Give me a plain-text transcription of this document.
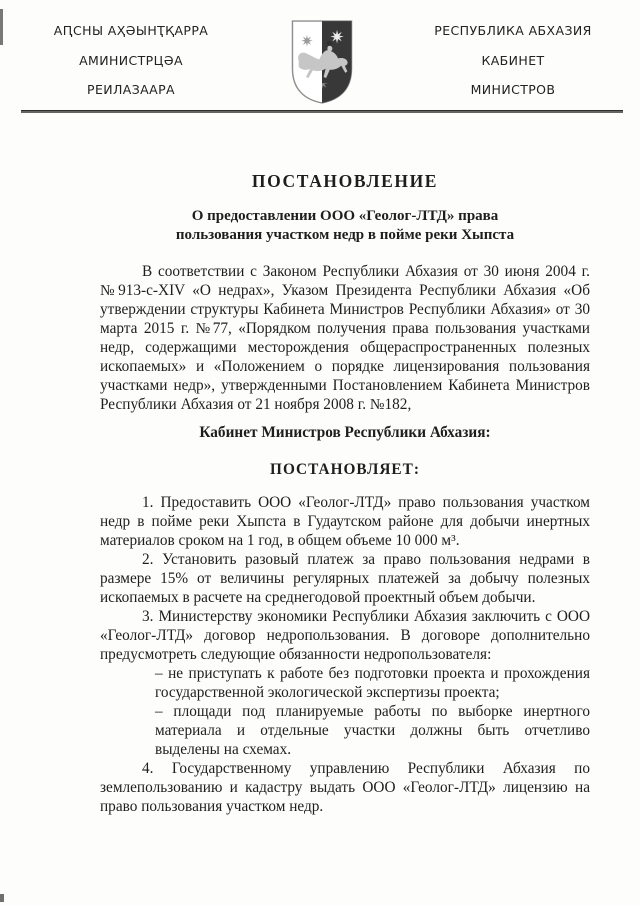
АԤСНЫ АҲӘЫНҬҚАРРА
АМИНИСТРЦӘА
РЕИЛАЗААРА
РЕСПУБЛИКА АБХАЗИЯ
КАБИНЕТ
МИНИСТРОВ
ПОСТАНОВЛЕНИЕ
О предоставлении ООО «Геолог-ЛТД» права
пользования участком недр в пойме реки Хыпста

В соответствии с Законом Республики Абхазия от 30 июня 2004 г. №913-с-XIV «О недрах», Указом Президента Республики Абхазия «Об утверждении структуры Кабинета Министров Республики Абхазия» от 30 марта 2015 г. №77, «Порядком получения права пользования участками недр, содержащими месторождения общераспространенных полезных ископаемых» и «Положением о порядке лицензирования пользования участками недр», утвержденными Постановлением Кабинета Министров Республики Абхазия от 21 ноября 2008 г. №182,

Кабинет Министров Республики Абхазия:

ПОСТАНОВЛЯЕТ:

1. Предоставить ООО «Геолог-ЛТД» право пользования участком недр в пойме реки Хыпста в Гудаутском районе для добычи инертных материалов сроком на 1 год, в общем объеме 10 000 м³.

2. Установить разовый платеж за право пользования недрами в размере 15% от величины регулярных платежей за добычу полезных ископаемых в расчете на среднегодовой проектный объем добычи.

3. Министерству экономики Республики Абхазия заключить с ООО «Геолог-ЛТД» договор недропользования. В договоре дополнительно предусмотреть следующие обязанности недропользователя:

– не приступать к работе без подготовки проекта и прохождения государственной экологической экспертизы проекта;

– площади под планируемые работы по выборке инертного материала и отдельные участки должны быть отчетливо выделены на схемах.

4. Государственному управлению Республики Абхазия по землепользованию и кадастру выдать ООО «Геолог-ЛТД» лицензию на право пользования участком недр.
